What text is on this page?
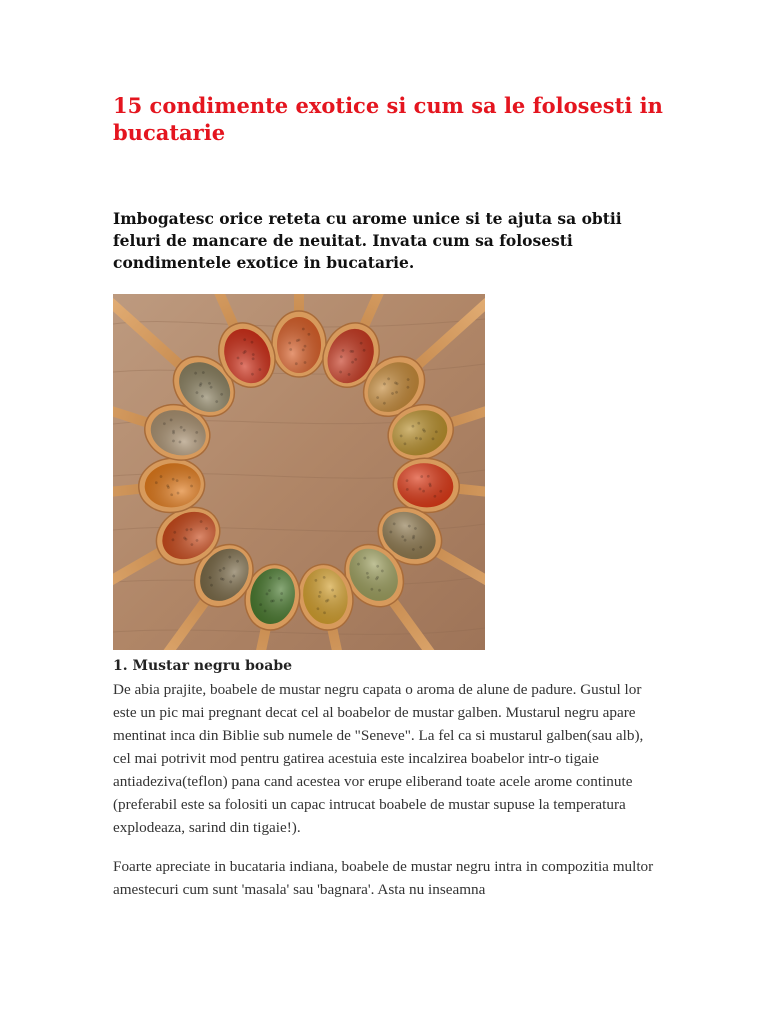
15 condimente exotice si cum sa le folosesti in bucatarie

Imbogatesc orice reteta cu arome unice si te ajuta sa obtii feluri de mancare de neuitat. Invata cum sa folosesti condimentele exotice in bucatarie.

1. Mustar negru boabe

De abia prajite, boabele de mustar negru capata o aroma de alune de padure. Gustul lor este un pic mai pregnant decat cel al boabelor de mustar galben. Mustarul negru apare mentinat inca din Biblie sub numele de "Seneve". La fel ca si mustarul galben(sau alb), cel mai potrivit mod pentru gatirea acestuia este incalzirea boabelor intr-o tigaie antiadeziva(teflon) pana cand acestea vor erupe eliberand toate acele arome continute (preferabil este sa folositi un capac intrucat boabele de mustar supuse la temperatura explodeaza, sarind din tigaie!).

Foarte apreciate in bucataria indiana, boabele de mustar negru intra in compozitia multor amestecuri cum sunt 'masala' sau 'bagnara'. Asta nu inseamna
